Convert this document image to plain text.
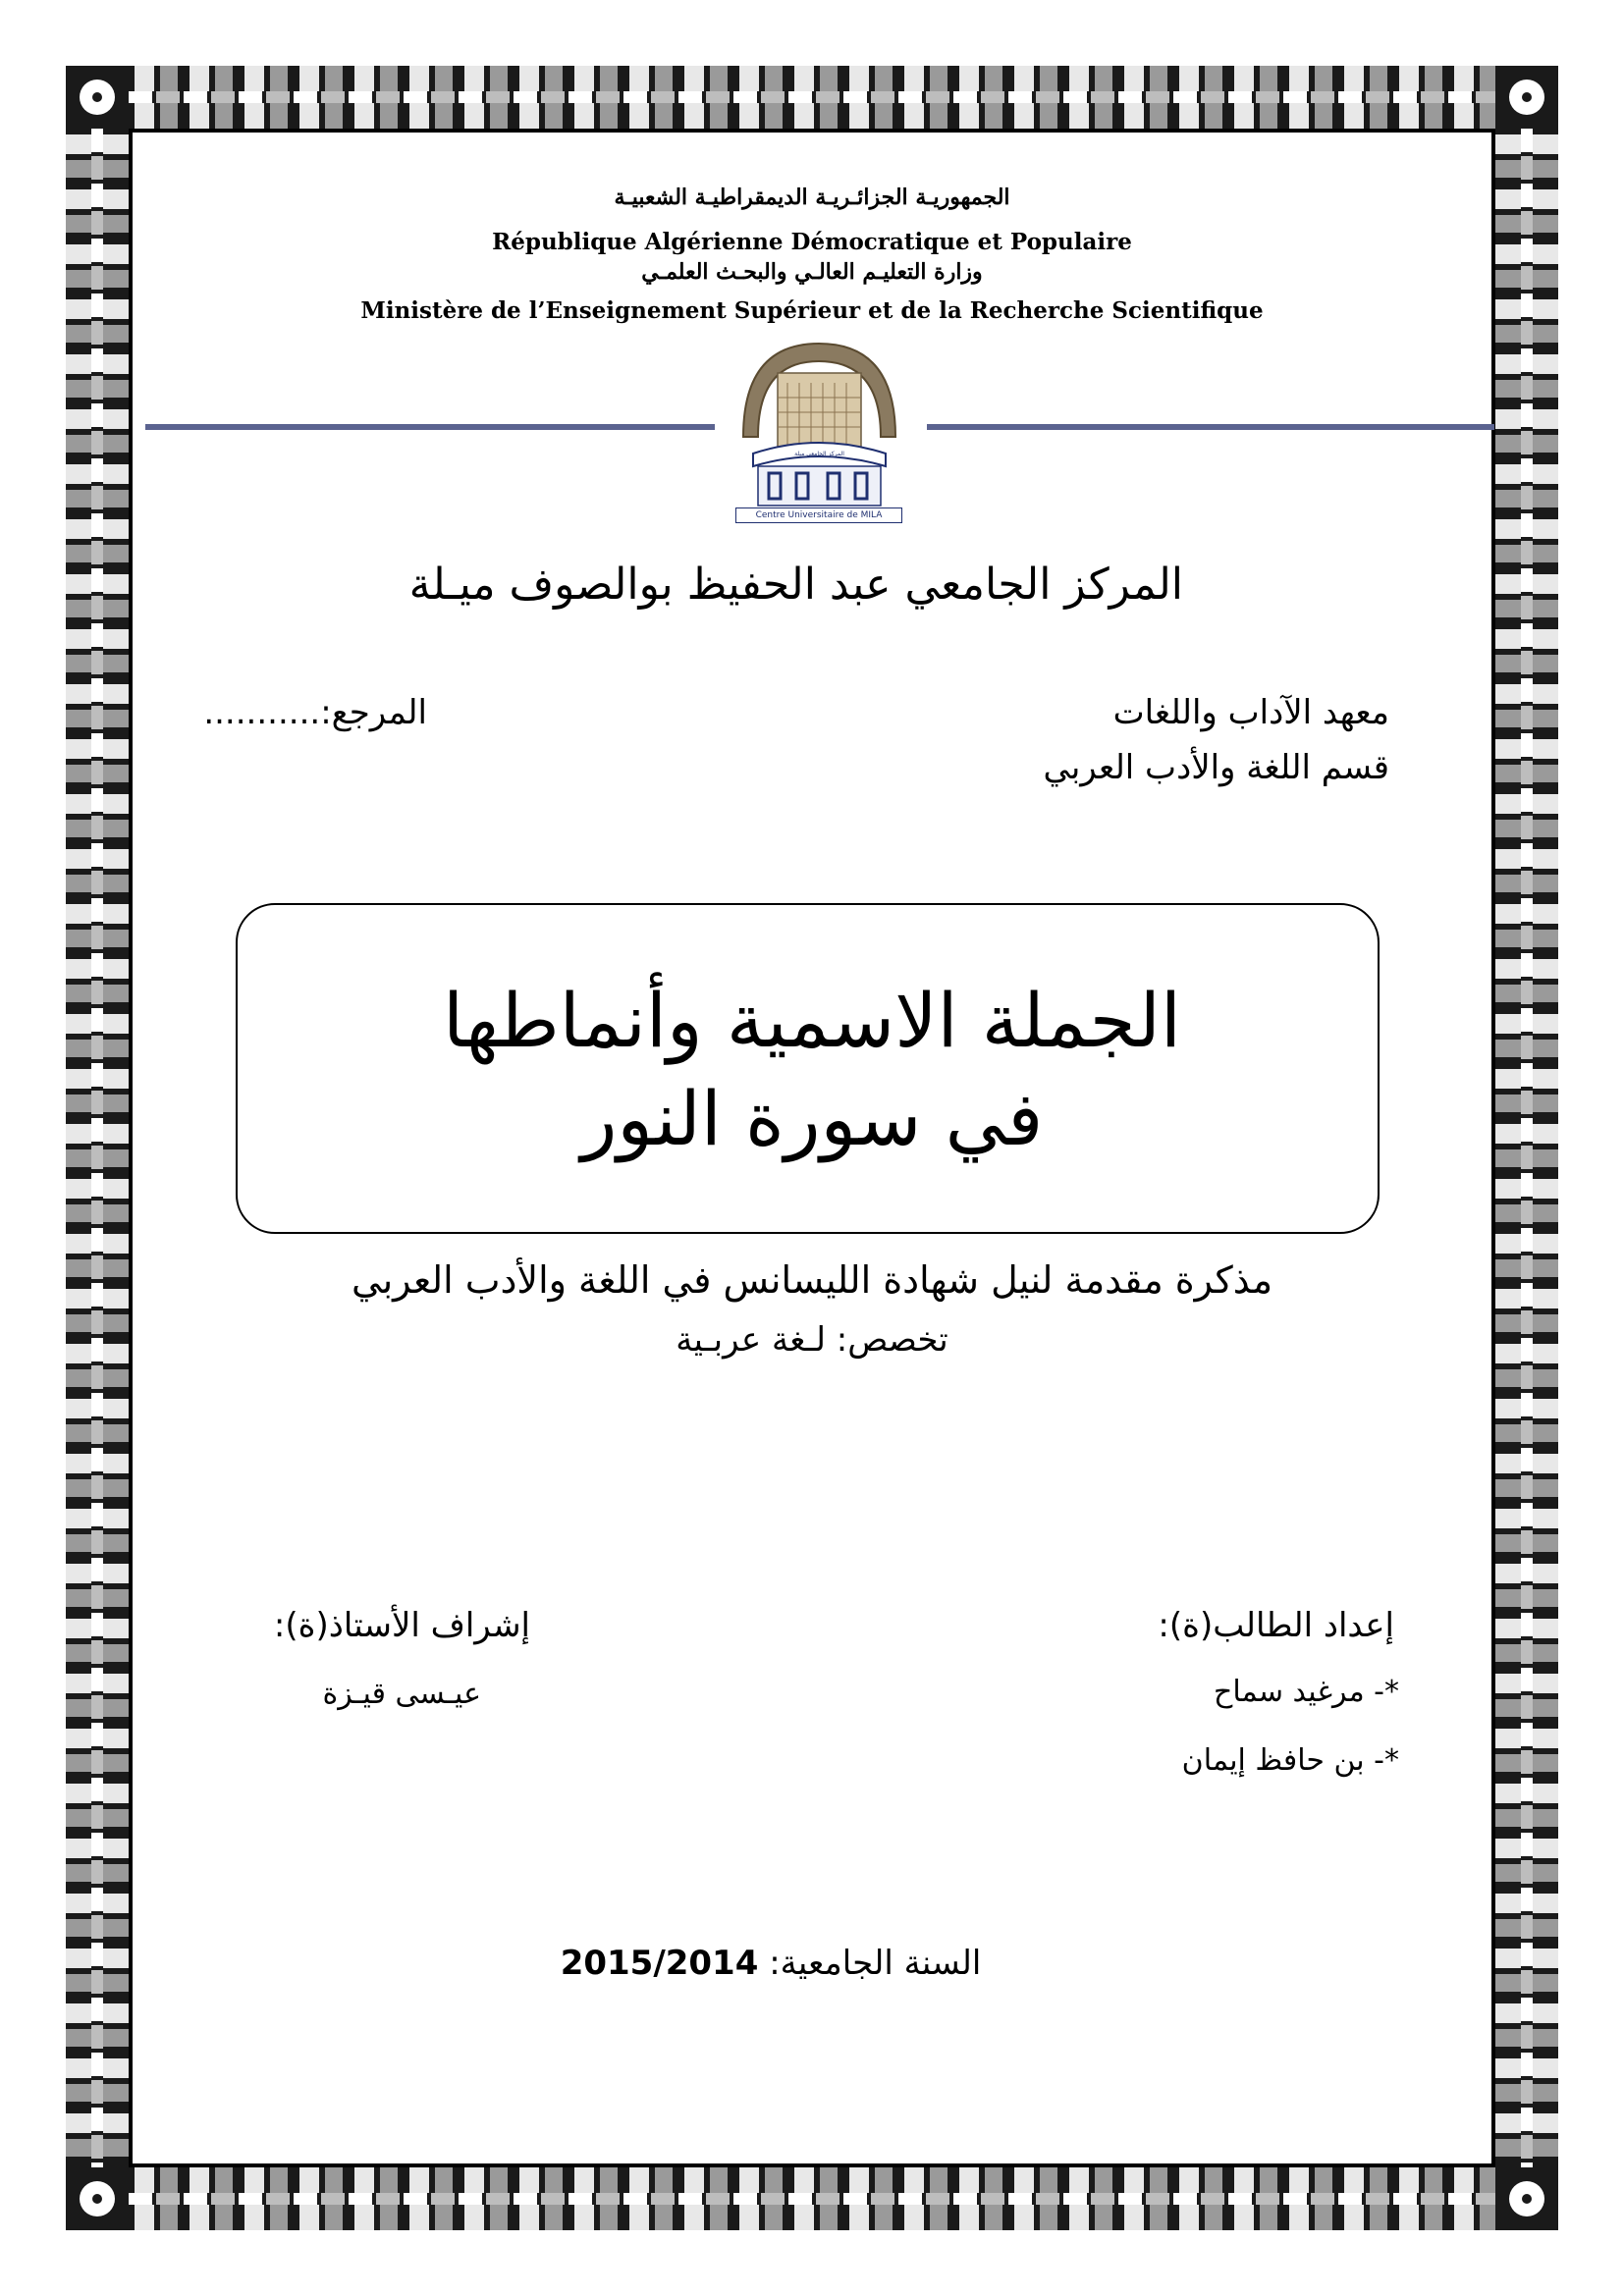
الجمهوريـة الجزائـريـة الديمقراطيـة الشعبيـة
République Algérienne Démocratique et Populaire
وزارة التعليـم العالـي والبحـث العلمـي
Ministère de l’Enseignement Supérieur et de la Recherche Scientifique
المركز الجامعي ميلة
Centre Universitaire de MILA
المركز الجامعي عبد الحفيظ بوالصوف ميـلة
معهد الآداب واللغات
قسم اللغة والأدب العربي
المرجع:...........
الجملة الاسمية وأنماطها
في سورة النور
مذكرة مقدمة لنيل شهادة الليسانس في اللغة والأدب العربي
تخصص: لـغة عربـية
إعداد الطالب(ة):
*- مرغيد سماح
*- بن حافظ إيمان
إشراف الأستاذ(ة):
عيـسى قيـزة
السنة الجامعية: 2015/2014
